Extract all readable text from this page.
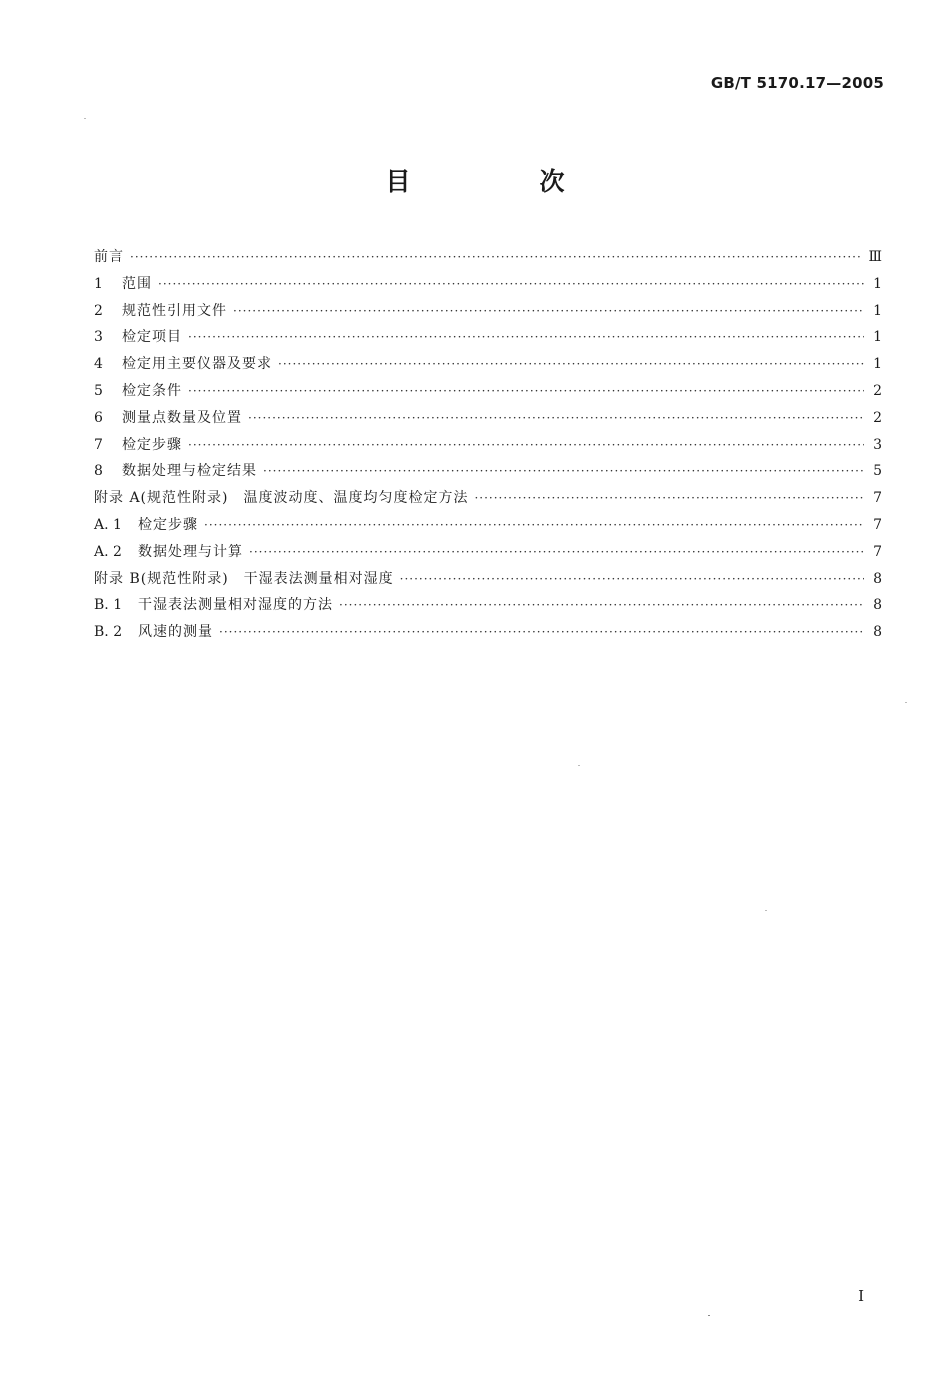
GB/T 5170.17—2005
目　次
前言 ·····	Ⅲ
1	范围 ·····	1
2	规范性引用文件 ·····	1
3	检定项目 ·····	1
4	检定用主要仪器及要求 ·····	1
5	检定条件 ·····	2
6	测量点数量及位置 ·····	2
7	检定步骤 ·····	3
8	数据处理与检定结果 ·····	5
附录 A(规范性附录)　温度波动度、温度均匀度检定方法 ·····	7
A. 1	检定步骤 ·····	7
A. 2	数据处理与计算 ·····	7
附录 B(规范性附录)　干湿表法测量相对湿度 ·····	8
B. 1	干湿表法测量相对湿度的方法 ·····	8
B. 2	风速的测量 ·····	8
I
